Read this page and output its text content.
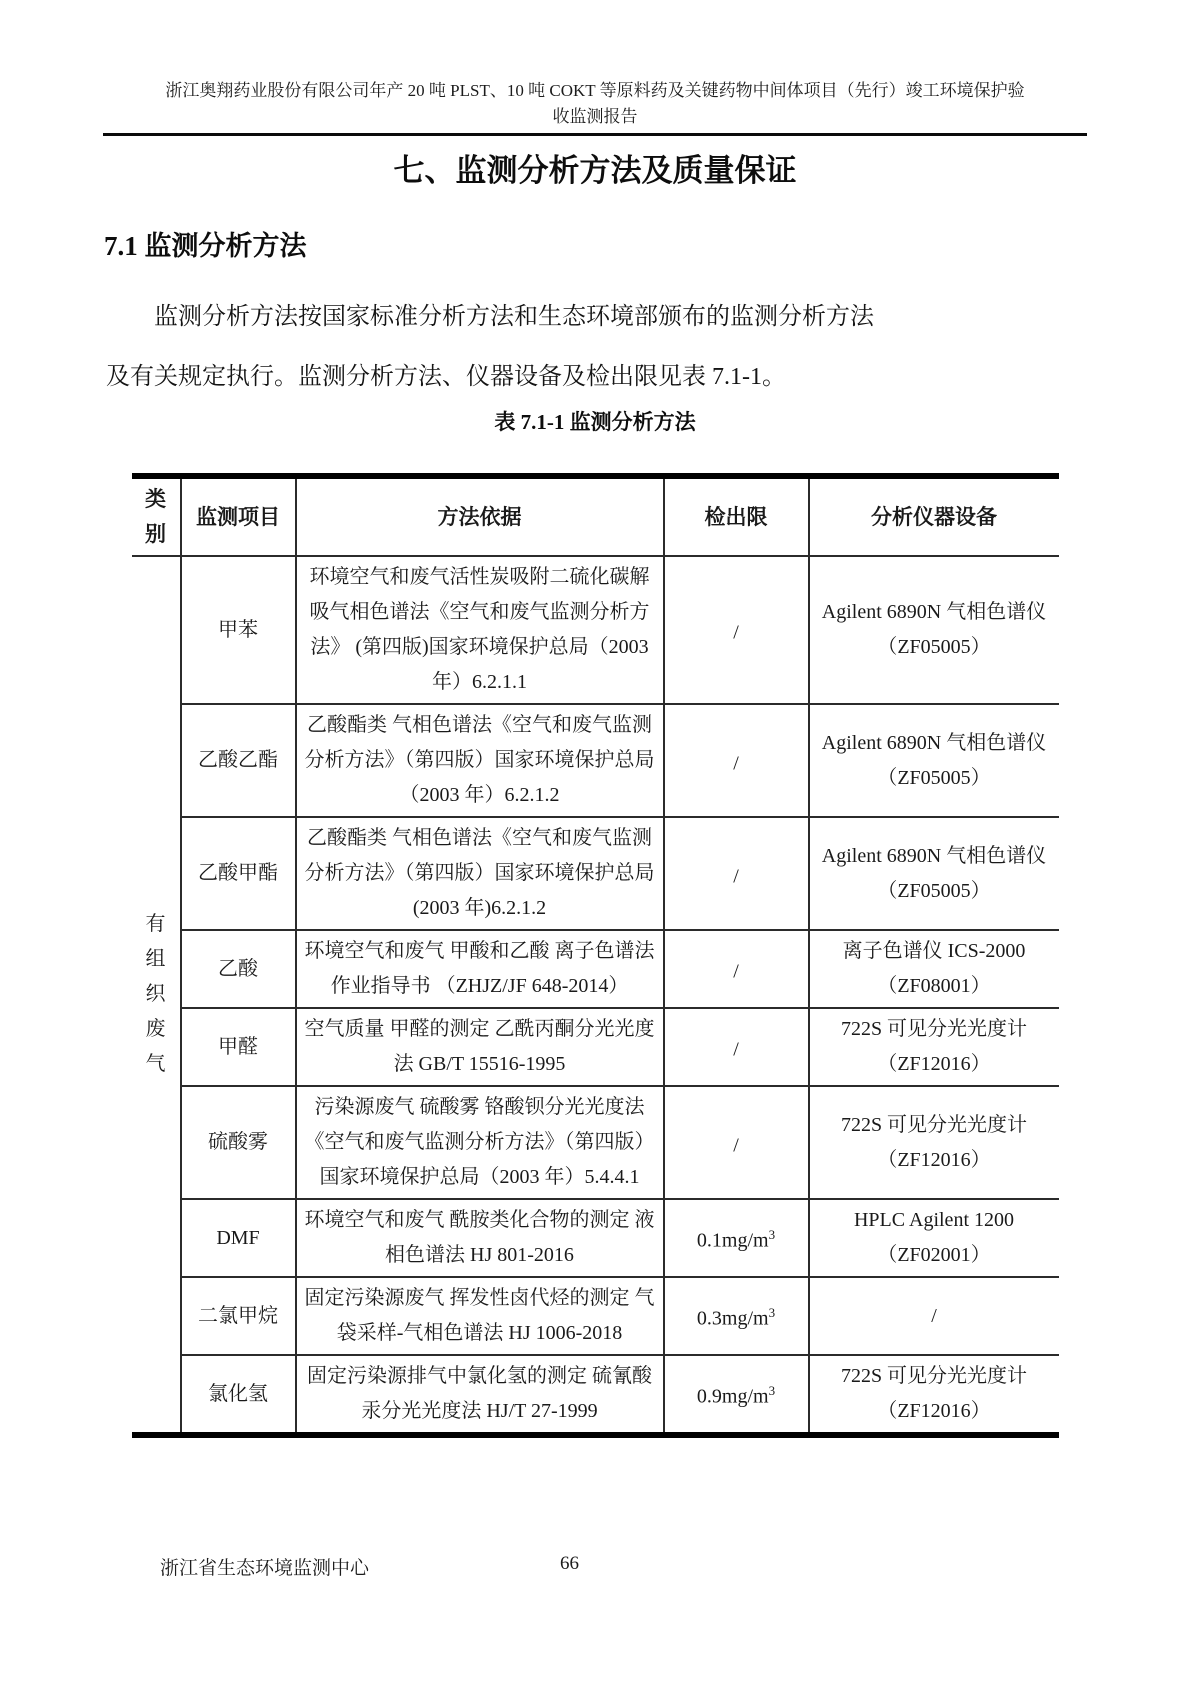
浙江奥翔药业股份有限公司年产 20 吨 PLST、10 吨 COKT 等原料药及关键药物中间体项目（先行）竣工环境保护验
收监测报告
七、监测分析方法及质量保证
7.1 监测分析方法

监测分析方法按国家标准分析方法和生态环境部颁布的监测分析方法及有关规定执行。监测分析方法、仪器设备及检出限见表 7.1-1。

表 7.1-1 监测分析方法
类别	监测项目	方法依据	检出限	分析仪器设备
有组织废气	甲苯	环境空气和废气活性炭吸附二硫化碳解吸气相色谱法《空气和废气监测分析方法》 (第四版)国家环境保护总局（2003 年）6.2.1.1	/	Agilent 6890N 气相色谱仪（ZF05005）
	乙酸乙酯	乙酸酯类 气相色谱法《空气和废气监测分析方法》（第四版）国家环境保护总局（2003 年）6.2.1.2	/	Agilent 6890N 气相色谱仪（ZF05005）
	乙酸甲酯	乙酸酯类 气相色谱法《空气和废气监测分析方法》（第四版）国家环境保护总局(2003 年)6.2.1.2	/	Agilent 6890N 气相色谱仪（ZF05005）
	乙酸	环境空气和废气 甲酸和乙酸 离子色谱法 作业指导书 （ZHJZ/JF 648-2014）	/	离子色谱仪 ICS-2000（ZF08001）
	甲醛	空气质量 甲醛的测定 乙酰丙酮分光光度法 GB/T 15516-1995	/	722S 可见分光光度计（ZF12016）
	硫酸雾	污染源废气 硫酸雾 铬酸钡分光光度法《空气和废气监测分析方法》（第四版）国家环境保护总局（2003 年）5.4.4.1	/	722S 可见分光光度计（ZF12016）
	DMF	环境空气和废气 酰胺类化合物的测定 液相色谱法 HJ 801-2016	$0.1mg/m^3$	HPLC Agilent 1200（ZF02001）
	二氯甲烷	固定污染源废气 挥发性卤代烃的测定 气袋采样-气相色谱法 HJ 1006-2018	$0.3mg/m^3$	/
	氯化氢	固定污染源排气中氯化氢的测定 硫氰酸汞分光光度法 HJ/T 27-1999	$0.9mg/m^3$	722S 可见分光光度计（ZF12016）
浙江省生态环境监测中心	66
